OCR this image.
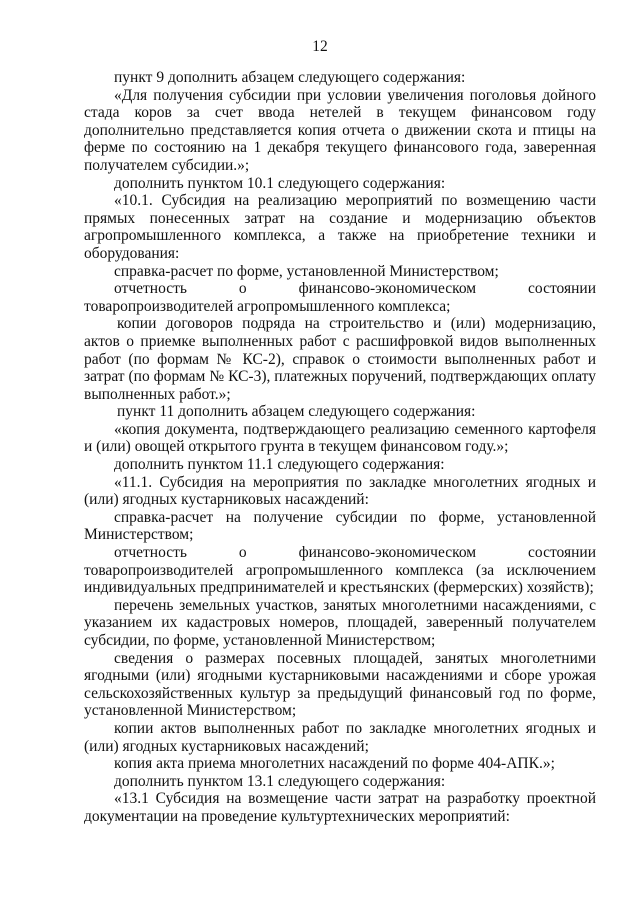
12

пункт 9 дополнить абзацем следующего содержания:

«Для получения субсидии при условии увеличения поголовья дойного стада коров за счет ввода нетелей в текущем финансовом году дополнительно представляется копия отчета о движении скота и птицы на ферме по состоянию на 1 декабря текущего финансового года, заверенная получателем субсидии.»;

дополнить пунктом 10.1 следующего содержания:

«10.1. Субсидия на реализацию мероприятий по возмещению части прямых понесенных затрат на создание и модернизацию объектов агропромышленного комплекса, а также на приобретение техники и оборудования:

справка-расчет по форме, установленной Министерством;

отчетность о финансово-экономическом состоянии товаропроизводителей агропромышленного комплекса;

копии договоров подряда на строительство и (или) модернизацию, актов о приемке выполненных работ с расшифровкой видов выполненных работ (по формам № КС-2), справок о стоимости выполненных работ и затрат (по формам № КС-3), платежных поручений, подтверждающих оплату выполненных работ.»;

пункт 11 дополнить абзацем следующего содержания:

«копия документа, подтверждающего реализацию семенного картофеля и (или) овощей открытого грунта в текущем финансовом году.»;

дополнить пунктом 11.1 следующего содержания:

«11.1. Субсидия на мероприятия по закладке многолетних ягодных и (или) ягодных кустарниковых насаждений:

справка-расчет на получение субсидии по форме, установленной Министерством;

отчетность о финансово-экономическом состоянии товаропроизводителей агропромышленного комплекса (за исключением индивидуальных предпринимателей и крестьянских (фермерских) хозяйств);

перечень земельных участков, занятых многолетними насаждениями, с указанием их кадастровых номеров, площадей, заверенный получателем субсидии, по форме, установленной Министерством;

сведения о размерах посевных площадей, занятых многолетними ягодными (или) ягодными кустарниковыми насаждениями и сборе урожая сельскохозяйственных культур за предыдущий финансовый год по форме, установленной Министерством;

копии актов выполненных работ по закладке многолетних ягодных и (или) ягодных кустарниковых насаждений;

копия акта приема многолетних насаждений по форме 404-АПК.»;

дополнить пунктом 13.1 следующего содержания:

«13.1 Субсидия на возмещение части затрат на разработку проектной документации на проведение культуртехнических мероприятий:
